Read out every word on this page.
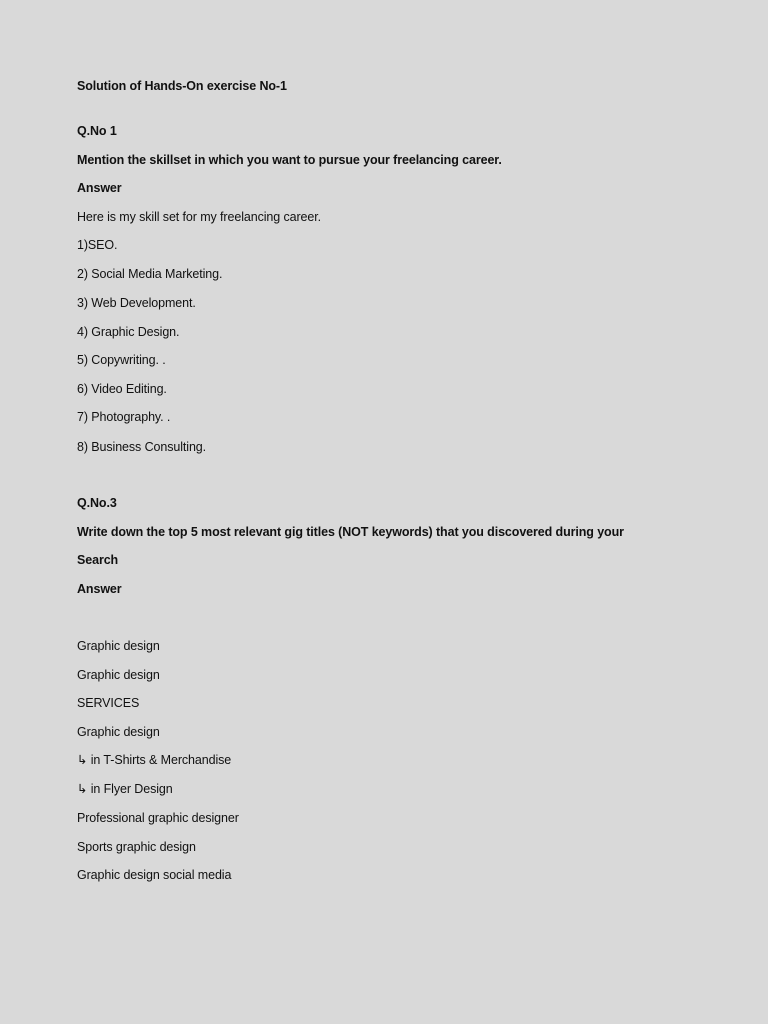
Solution of Hands-On exercise No-1
Q.No 1
Mention the skillset in which you want to pursue your freelancing career.
Answer
Here is my skill set for my freelancing career.
1)SEO.
2) Social Media Marketing.
3) Web Development.
4) Graphic Design.
5) Copywriting. .
6) Video Editing.
7) Photography. .
8) Business Consulting.
Q.No.3
Write down the top 5 most relevant gig titles (NOT keywords) that you discovered during your
Search
Answer
Graphic design
Graphic design
SERVICES
Graphic design
↳ in T-Shirts & Merchandise
↳ in Flyer Design
Professional graphic designer
Sports graphic design
Graphic design social media
